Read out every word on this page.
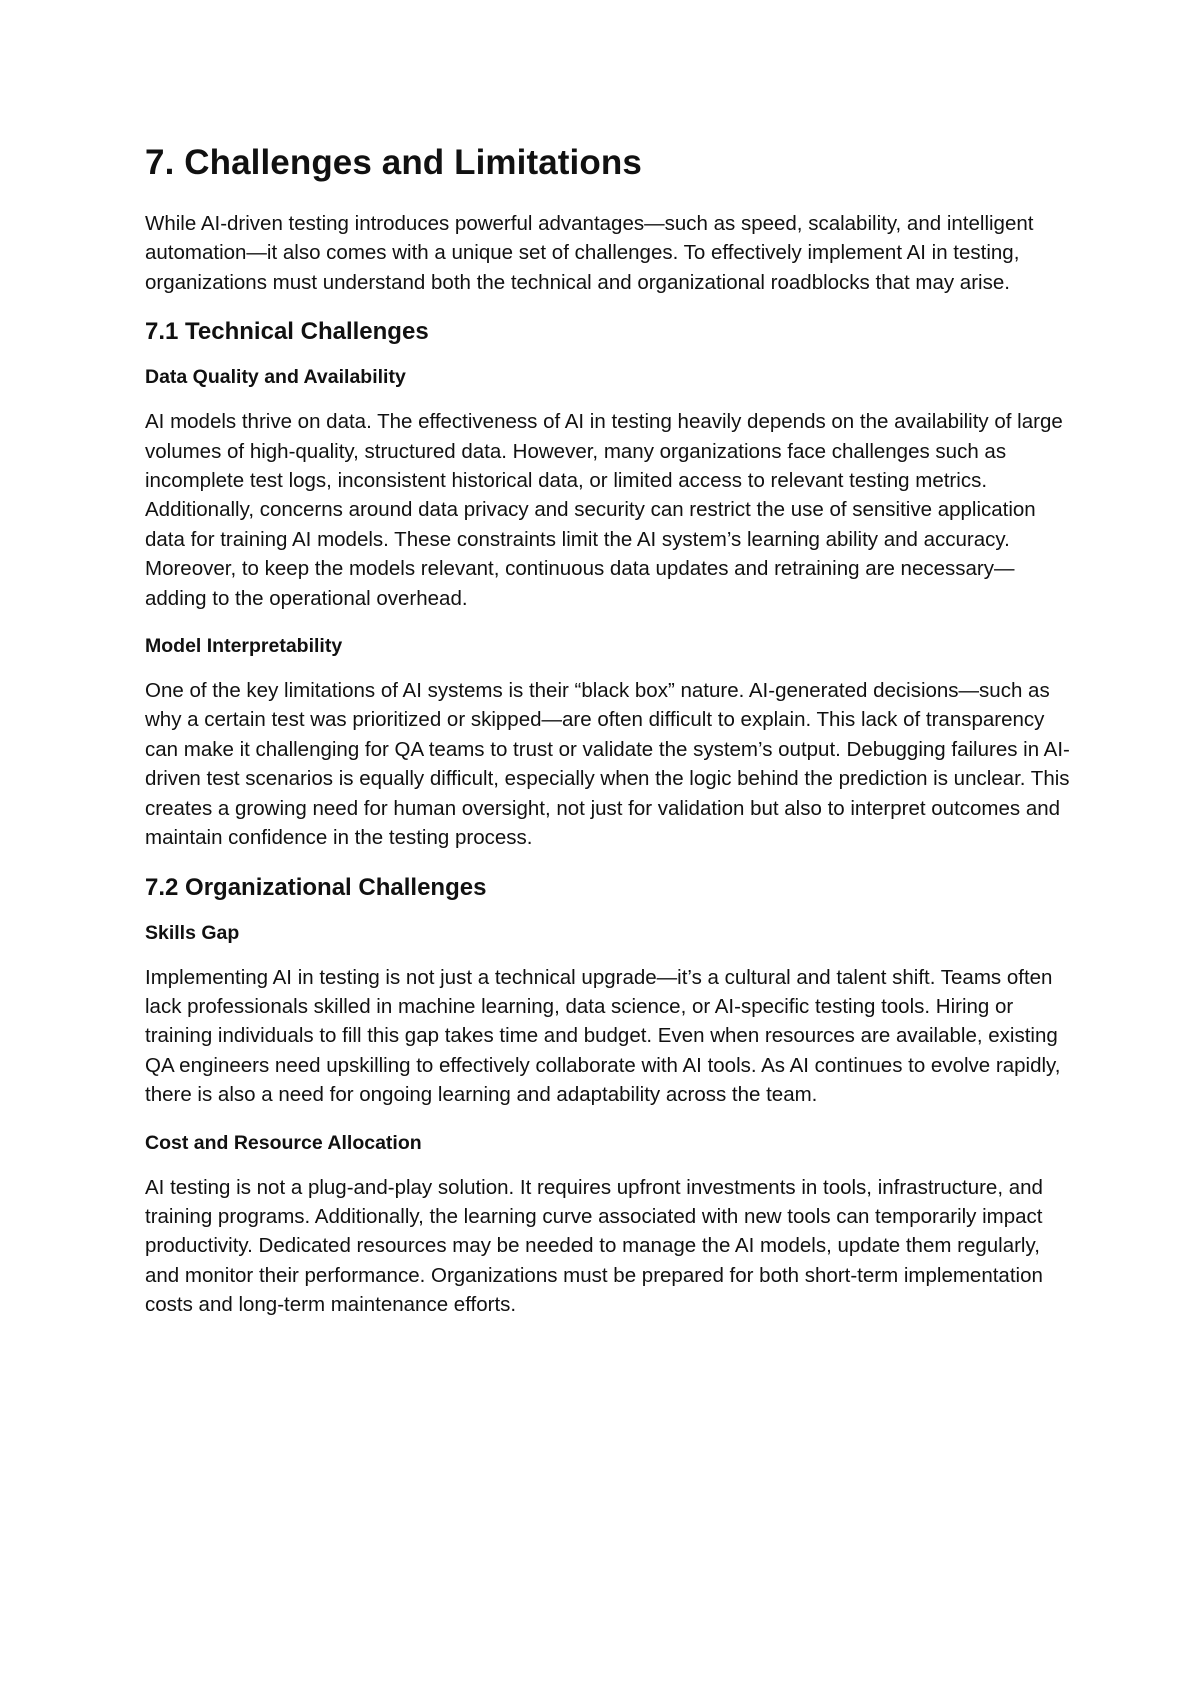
7. Challenges and Limitations

While AI-driven testing introduces powerful advantages—such as speed, scalability, and intelligent automation—it also comes with a unique set of challenges. To effectively implement AI in testing, organizations must understand both the technical and organizational roadblocks that may arise.

7.1 Technical Challenges
Data Quality and Availability

AI models thrive on data. The effectiveness of AI in testing heavily depends on the availability of large volumes of high-quality, structured data. However, many organizations face challenges such as incomplete test logs, inconsistent historical data, or limited access to relevant testing metrics. Additionally, concerns around data privacy and security can restrict the use of sensitive application data for training AI models. These constraints limit the AI system’s learning ability and accuracy. Moreover, to keep the models relevant, continuous data updates and retraining are necessary—adding to the operational overhead.

Model Interpretability

One of the key limitations of AI systems is their “black box” nature. AI-generated decisions—such as why a certain test was prioritized or skipped—are often difficult to explain. This lack of transparency can make it challenging for QA teams to trust or validate the system’s output. Debugging failures in AI-driven test scenarios is equally difficult, especially when the logic behind the prediction is unclear. This creates a growing need for human oversight, not just for validation but also to interpret outcomes and maintain confidence in the testing process.

7.2 Organizational Challenges
Skills Gap

Implementing AI in testing is not just a technical upgrade—it’s a cultural and talent shift. Teams often lack professionals skilled in machine learning, data science, or AI-specific testing tools. Hiring or training individuals to fill this gap takes time and budget. Even when resources are available, existing QA engineers need upskilling to effectively collaborate with AI tools. As AI continues to evolve rapidly, there is also a need for ongoing learning and adaptability across the team.

Cost and Resource Allocation

AI testing is not a plug-and-play solution. It requires upfront investments in tools, infrastructure, and training programs. Additionally, the learning curve associated with new tools can temporarily impact productivity. Dedicated resources may be needed to manage the AI models, update them regularly, and monitor their performance. Organizations must be prepared for both short-term implementation costs and long-term maintenance efforts.
